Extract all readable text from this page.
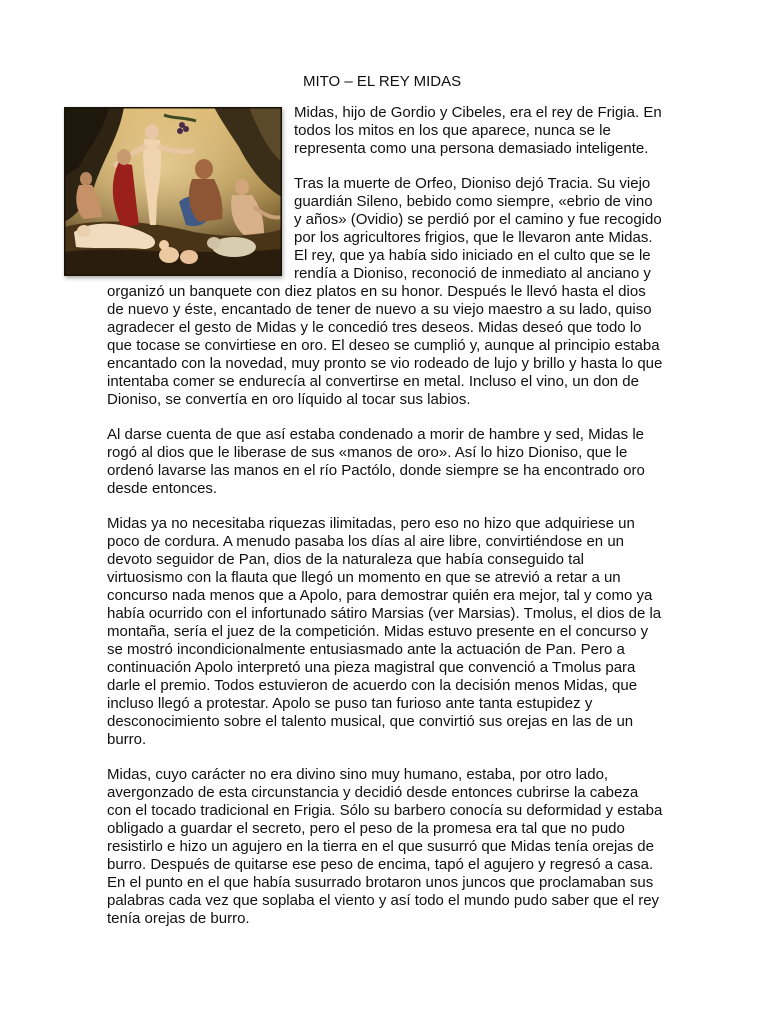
MITO – EL REY MIDAS

Midas, hijo de Gordio y Cibeles, era el rey de Frigia. En todos los mitos en los que aparece, nunca se le representa como una persona demasiado inteligente.

Tras la muerte de Orfeo, Dioniso dejó Tracia. Su viejo guardián Sileno, bebido como siempre, «ebrio de vino y años» (Ovidio) se perdió por el camino y fue recogido por los agricultores frigios, que le llevaron ante Midas. El rey, que ya había sido iniciado en el culto que se le rendía a Dioniso, reconoció de inmediato al anciano y organizó un banquete con diez platos en su honor. Después le llevó hasta el dios de nuevo y éste, encantado de tener de nuevo a su viejo maestro a su lado, quiso agradecer el gesto de Midas y le concedió tres deseos. Midas deseó que todo lo que tocase se convirtiese en oro. El deseo se cumplió y, aunque al principio estaba encantado con la novedad, muy pronto se vio rodeado de lujo y brillo y hasta lo que intentaba comer se endurecía al convertirse en metal. Incluso el vino, un don de Dioniso, se convertía en oro líquido al tocar sus labios.

Al darse cuenta de que así estaba condenado a morir de hambre y sed, Midas le rogó al dios que le liberase de sus «manos de oro». Así lo hizo Dioniso, que le ordenó lavarse las manos en el río Pactólo, donde siempre se ha encontrado oro desde entonces.

Midas ya no necesitaba riquezas ilimitadas, pero eso no hizo que adquiriese un poco de cordura. A menudo pasaba los días al aire libre, convirtiéndose en un devoto seguidor de Pan, dios de la naturaleza que había conseguido tal virtuosismo con la flauta que llegó un momento en que se atrevió a retar a un concurso nada menos que a Apolo, para demostrar quién era mejor, tal y como ya había ocurrido con el infortunado sátiro Marsias (ver Marsias). Tmolus, el dios de la montaña, sería el juez de la competición. Midas estuvo presente en el concurso y se mostró incondicionalmente entusiasmado ante la actuación de Pan. Pero a continuación Apolo interpretó una pieza magistral que convenció a Tmolus para darle el premio. Todos estuvieron de acuerdo con la decisión menos Midas, que incluso llegó a protestar. Apolo se puso tan furioso ante tanta estupidez y desconocimiento sobre el talento musical, que convirtió sus orejas en las de un burro.

Midas, cuyo carácter no era divino sino muy humano, estaba, por otro lado, avergonzado de esta circunstancia y decidió desde entonces cubrirse la cabeza con el tocado tradicional en Frigia. Sólo su barbero conocía su deformidad y estaba obligado a guardar el secreto, pero el peso de la promesa era tal que no pudo resistirlo e hizo un agujero en la tierra en el que susurró que Midas tenía orejas de burro. Después de quitarse ese peso de encima, tapó el agujero y regresó a casa. En el punto en el que había susurrado brotaron unos juncos que proclamaban sus palabras cada vez que soplaba el viento y así todo el mundo pudo saber que el rey tenía orejas de burro.
